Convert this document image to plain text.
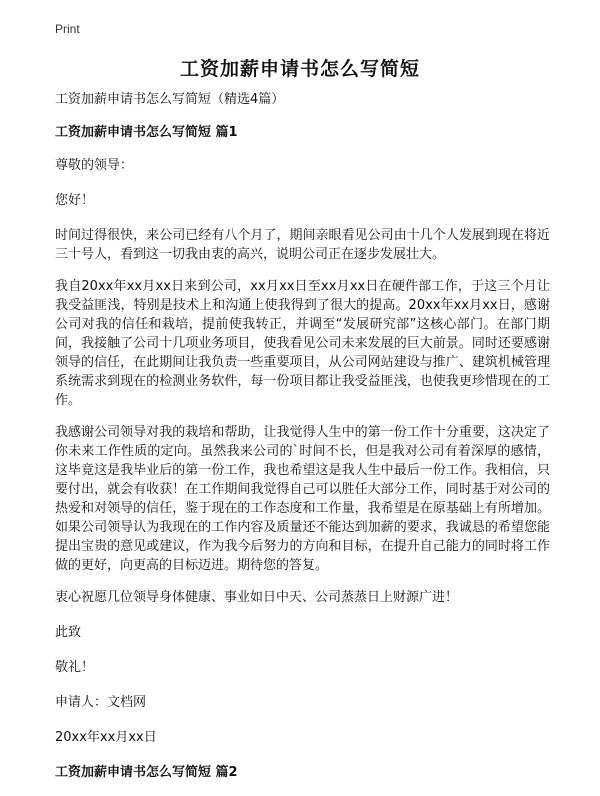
Print
工资加薪申请书怎么写简短

工资加薪申请书怎么写简短（精选4篇）

工资加薪申请书怎么写简短 篇1

尊敬的领导：

您好！

时间过得很快，来公司已经有八个月了，期间亲眼看见公司由十几个人发展到现在将近三十号人，看到这一切我由衷的高兴，说明公司正在逐步发展壮大。

我自20xx年xx月xx日来到公司，xx月xx日至xx月xx日在硬件部工作，于这三个月让我受益匪浅，特别是技术上和沟通上使我得到了很大的提高。20xx年xx月xx日，感谢公司对我的信任和栽培，提前使我转正，并调至“发展研究部”这核心部门。在部门期间，我接触了公司十几项业务项目，使我看见公司未来发展的巨大前景。同时还要感谢领导的信任，在此期间让我负责一些重要项目，从公司网站建设与推广、建筑机械管理系统需求到现在的检测业务软件，每一份项目都让我受益匪浅，也使我更珍惜现在的工作。

我感谢公司领导对我的栽培和帮助，让我觉得人生中的第一份工作十分重要，这决定了你未来工作性质的定向。虽然我来公司的`时间不长，但是我对公司有着深厚的感情，这毕竟这是我毕业后的第一份工作，我也希望这是我人生中最后一份工作。我相信，只要付出，就会有收获！在工作期间我觉得自己可以胜任大部分工作，同时基于对公司的热爱和对领导的信任，鉴于现在的工作态度和工作量，我希望是在原基础上有所增加。如果公司领导认为我现在的工作内容及质量还不能达到加薪的要求，我诚恳的希望您能提出宝贵的意见或建议，作为我今后努力的方向和目标，在提升自己能力的同时将工作做的更好，向更高的目标迈进。期待您的答复。

衷心祝愿几位领导身体健康、事业如日中天、公司蒸蒸日上财源广进！

此致

敬礼！

申请人：文档网

20xx年xx月xx日

工资加薪申请书怎么写简短 篇2
